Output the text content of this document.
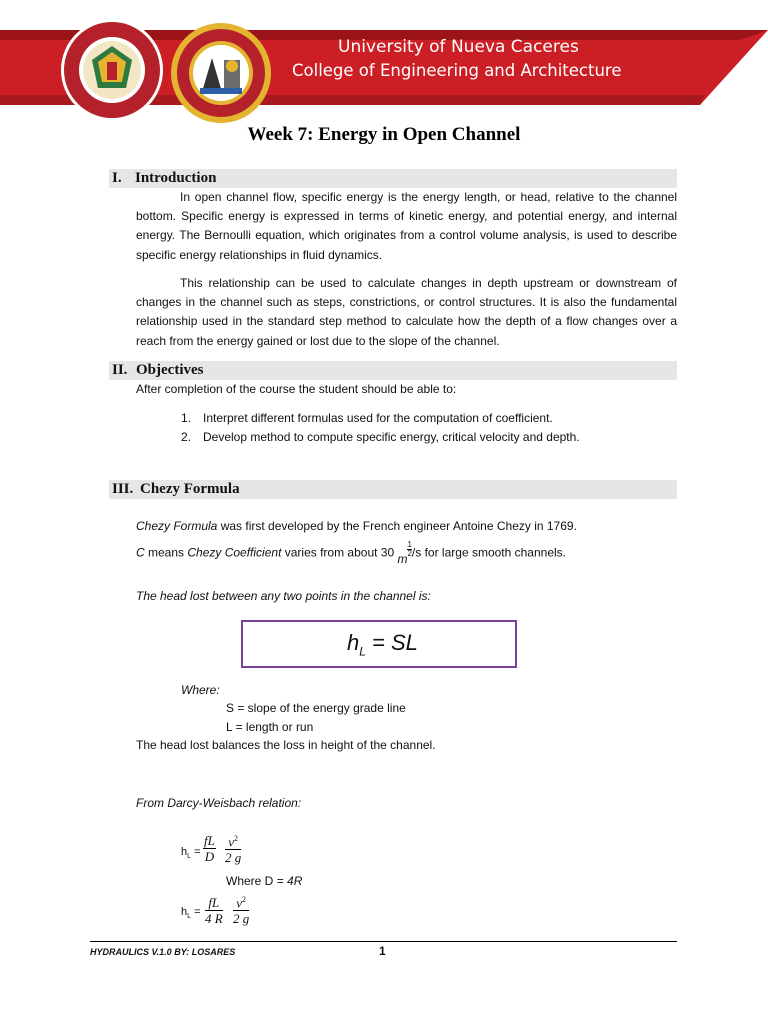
University of Nueva Caceres
College of Engineering and Architecture
Week 7: Energy in Open Channel
I. Introduction
In open channel flow, specific energy is the energy length, or head, relative to the channel bottom. Specific energy is expressed in terms of kinetic energy, and potential energy, and internal energy. The Bernoulli equation, which originates from a control volume analysis, is used to describe specific energy relationships in fluid dynamics.
This relationship can be used to calculate changes in depth upstream or downstream of changes in the channel such as steps, constrictions, or control structures. It is also the fundamental relationship used in the standard step method to calculate how the depth of a flow changes over a reach from the energy gained or lost due to the slope of the channel.
II. Objectives
After completion of the course the student should be able to:
1. Interpret different formulas used for the computation of coefficient.
2. Develop method to compute specific energy, critical velocity and depth.
III. Chezy Formula
Chezy Formula was first developed by the French engineer Antoine Chezy in 1769.
C means Chezy Coefficient varies from about 30 m
$\frac{1}{2} /s$ for large smooth channels.
The head lost between any two points in the channel is:
$h_L$ = SL
Where:
S = slope of the energy grade line
L = length or run
The head lost balances the loss in height of the channel.
From Darcy-Weisbach relation:
$h_L = \frac{fL}{D} \frac{v^2}{2 g}$
Where D = 4R
$h_L = \frac{fL}{4 R} \frac{v^2}{2 g}$
HYDRAULICS V.1.0 BY: LOSARES	1
